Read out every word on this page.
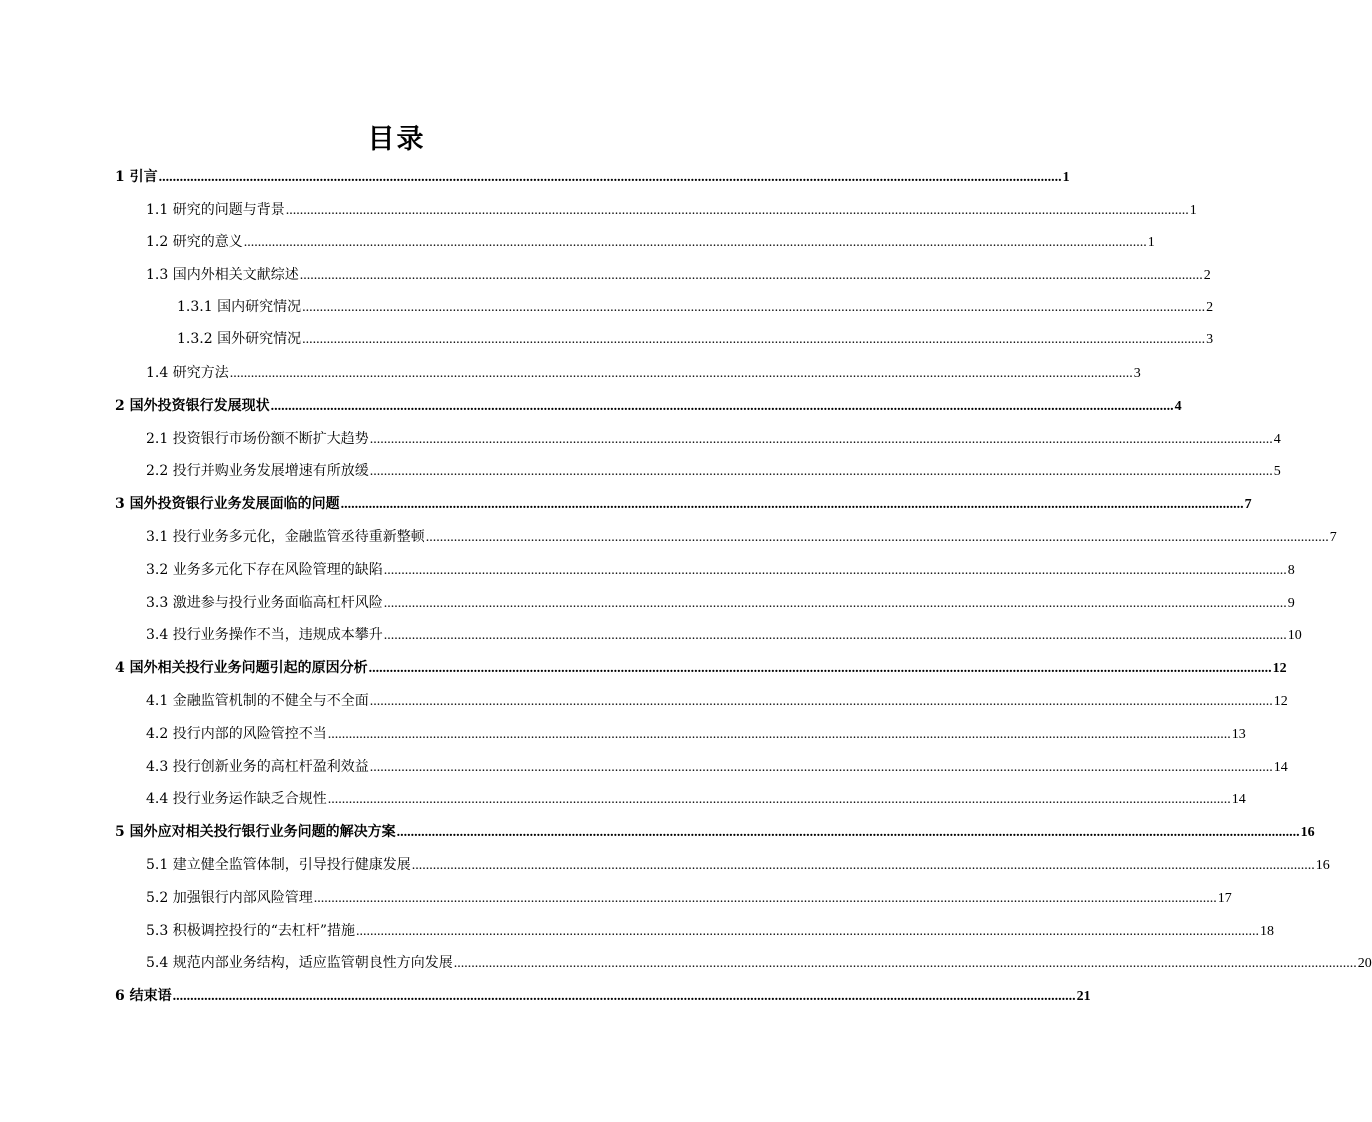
目录
1 引言 .................................................................................................................................................................................................................................................................. 1
1.1 研究的问题与背景 .................................................................................................................................................................................................................................................................. 1
1.2 研究的意义 .................................................................................................................................................................................................................................................................. 1
1.3 国内外相关文献综述 .................................................................................................................................................................................................................................................................. 2
1.3.1 国内研究情况 .................................................................................................................................................................................................................................................................. 2
1.3.2 国外研究情况 .................................................................................................................................................................................................................................................................. 3
1.4 研究方法 .................................................................................................................................................................................................................................................................. 3
2 国外投资银行发展现状 .................................................................................................................................................................................................................................................................. 4
2.1 投资银行市场份额不断扩大趋势 .................................................................................................................................................................................................................................................................. 4
2.2 投行并购业务发展增速有所放缓 .................................................................................................................................................................................................................................................................. 5
3 国外投资银行业务发展面临的问题 .................................................................................................................................................................................................................................................................. 7
3.1 投行业务多元化，金融监管丞待重新整顿 .................................................................................................................................................................................................................................................................. 7
3.2 业务多元化下存在风险管理的缺陷 .................................................................................................................................................................................................................................................................. 8
3.3 激进参与投行业务面临高杠杆风险 .................................................................................................................................................................................................................................................................. 9
3.4 投行业务操作不当，违规成本攀升 .................................................................................................................................................................................................................................................................. 10
4 国外相关投行业务问题引起的原因分析 .................................................................................................................................................................................................................................................................. 12
4.1 金融监管机制的不健全与不全面 .................................................................................................................................................................................................................................................................. 12
4.2 投行内部的风险管控不当 .................................................................................................................................................................................................................................................................. 13
4.3 投行创新业务的高杠杆盈利效益 .................................................................................................................................................................................................................................................................. 14
4.4 投行业务运作缺乏合规性 .................................................................................................................................................................................................................................................................. 14
5 国外应对相关投行银行业务问题的解决方案 .................................................................................................................................................................................................................................................................. 16
5.1 建立健全监管体制，引导投行健康发展 .................................................................................................................................................................................................................................................................. 16
5.2 加强银行内部风险管理 .................................................................................................................................................................................................................................................................. 17
5.3 积极调控投行的“去杠杆”措施 .................................................................................................................................................................................................................................................................. 18
5.4 规范内部业务结构，适应监管朝良性方向发展 .................................................................................................................................................................................................................................................................. 20
6 结束语 .................................................................................................................................................................................................................................................................. 21
